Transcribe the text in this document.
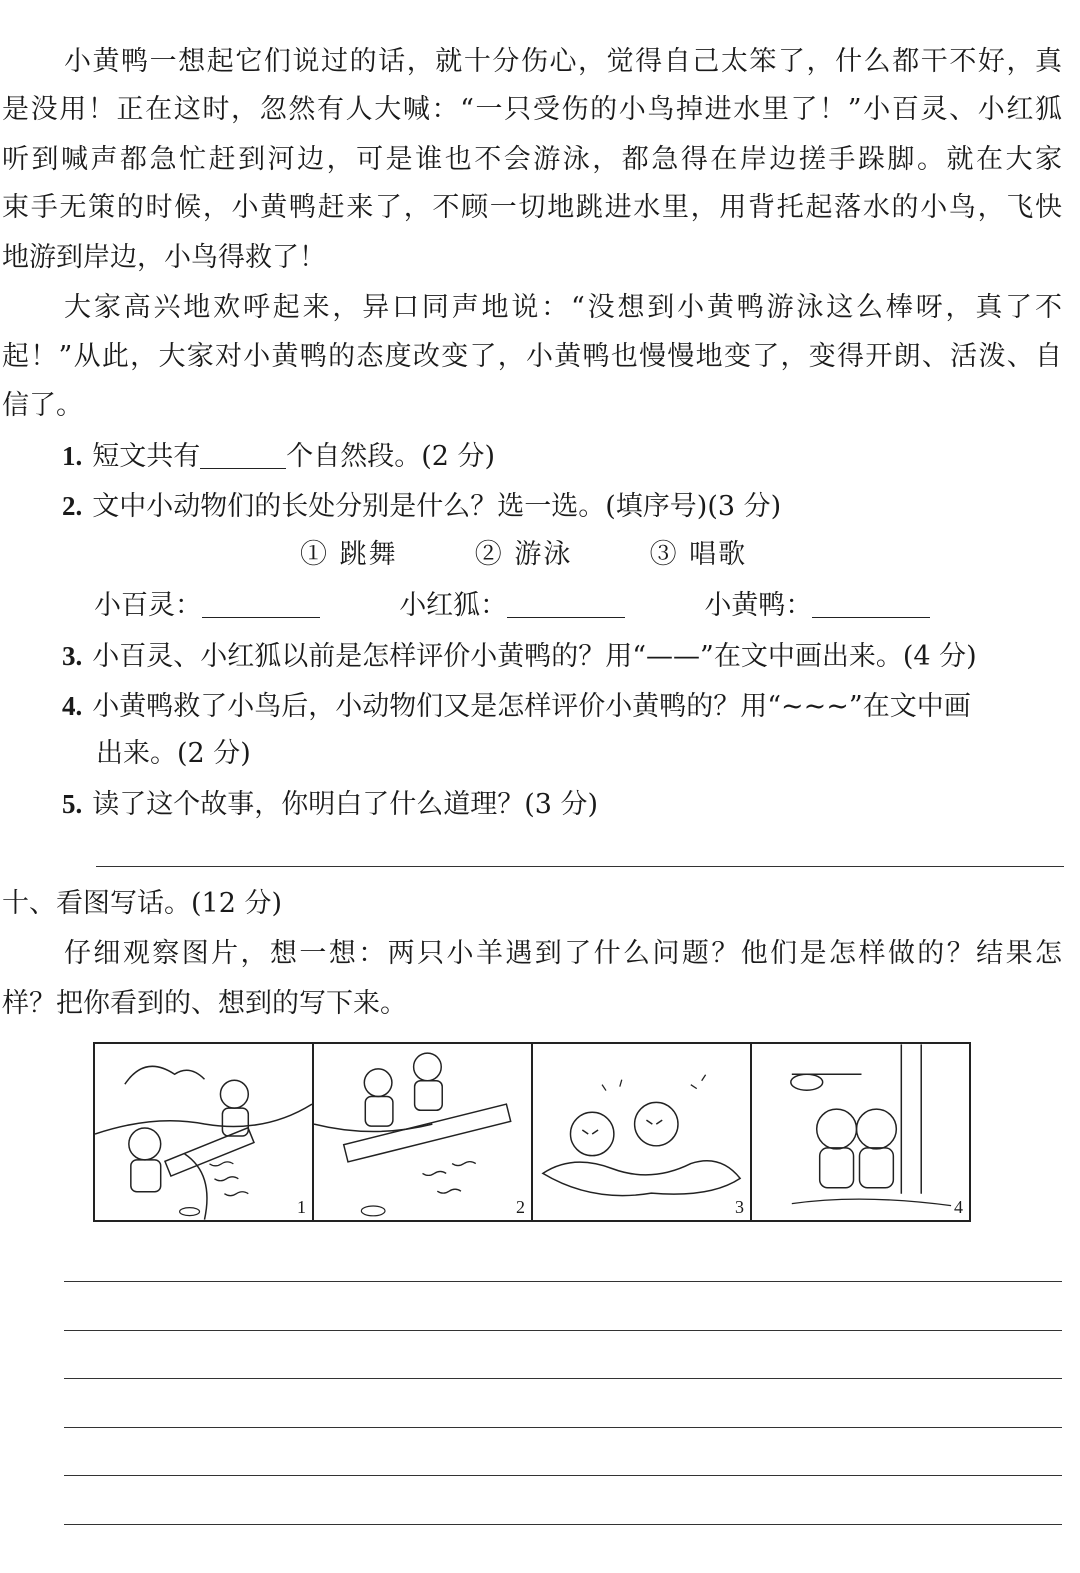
小黄鸭一想起它们说过的话，就十分伤心，觉得自己太笨了，什么都干不好，真
是没用！正在这时，忽然有人大喊：“一只受伤的小鸟掉进水里了！”小百灵、小红狐
听到喊声都急忙赶到河边，可是谁也不会游泳，都急得在岸边搓手跺脚。就在大家
束手无策的时候，小黄鸭赶来了，不顾一切地跳进水里，用背托起落水的小鸟，飞快
地游到岸边，小鸟得救了！
大家高兴地欢呼起来，异口同声地说：“没想到小黄鸭游泳这么棒呀，真了不
起！”从此，大家对小黄鸭的态度改变了，小黄鸭也慢慢地变了，变得开朗、活泼、自
信了。
1. 短文共有	个自然段。(2 分)
2. 文中小动物们的长处分别是什么？选一选。(填序号)(3 分)
① 跳舞	② 游泳	③ 唱歌
小百灵：	小红狐：	小黄鸭：
3. 小百灵、小红狐以前是怎样评价小黄鸭的？用“——”在文中画出来。(4 分)
4. 小黄鸭救了小鸟后，小动物们又是怎样评价小黄鸭的？用“~~~”在文中画
出来。(2 分)
5. 读了这个故事，你明白了什么道理？(3 分)
十、看图写话。(12 分)
仔细观察图片，想一想：两只小羊遇到了什么问题？他们是怎样做的？结果怎
样？把你看到的、想到的写下来。
1	2	3	4
